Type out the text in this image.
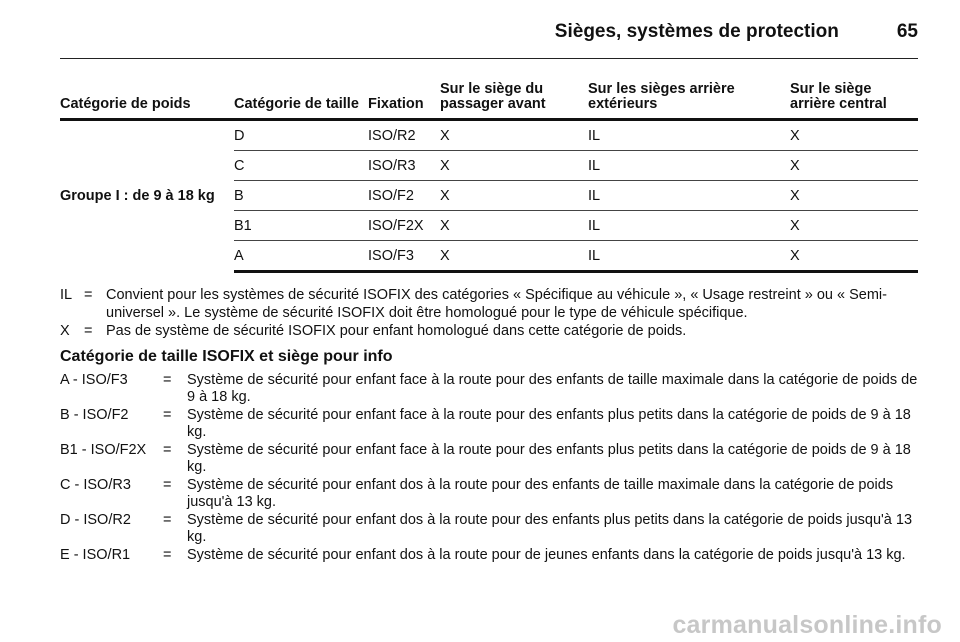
Sièges, systèmes de protection	65
Catégorie de poids	Catégorie de taille	Fixation	Sur le siège du passager avant	Sur les sièges arrière extérieurs	Sur le siège arrière central
Groupe I : de 9 à 18 kg	D	ISO/R2	X	IL	X
	C	ISO/R3	X	IL	X
	B	ISO/F2	X	IL	X
	B1	ISO/F2X	X	IL	X
	A	ISO/F3	X	IL	X
IL = Convient pour les systèmes de sécurité ISOFIX des catégories « Spécifique au véhicule », « Usage restreint » ou « Semi-universel ». Le système de sécurité ISOFIX doit être homologué pour le type de véhicule spécifique.
X = Pas de système de sécurité ISOFIX pour enfant homologué dans cette catégorie de poids.
Catégorie de taille ISOFIX et siège pour info
A - ISO/F3	=	Système de sécurité pour enfant face à la route pour des enfants de taille maximale dans la catégorie de poids de 9 à 18 kg.
B - ISO/F2	=	Système de sécurité pour enfant face à la route pour des enfants plus petits dans la catégorie de poids de 9 à 18 kg.
B1 - ISO/F2X	=	Système de sécurité pour enfant face à la route pour des enfants plus petits dans la catégorie de poids de 9 à 18 kg.
C - ISO/R3	=	Système de sécurité pour enfant dos à la route pour des enfants de taille maximale dans la catégorie de poids jusqu'à 13 kg.
D - ISO/R2	=	Système de sécurité pour enfant dos à la route pour des enfants plus petits dans la catégorie de poids jusqu'à 13 kg.
E - ISO/R1	=	Système de sécurité pour enfant dos à la route pour de jeunes enfants dans la catégorie de poids jusqu'à 13 kg.
carmanualsonline.info
